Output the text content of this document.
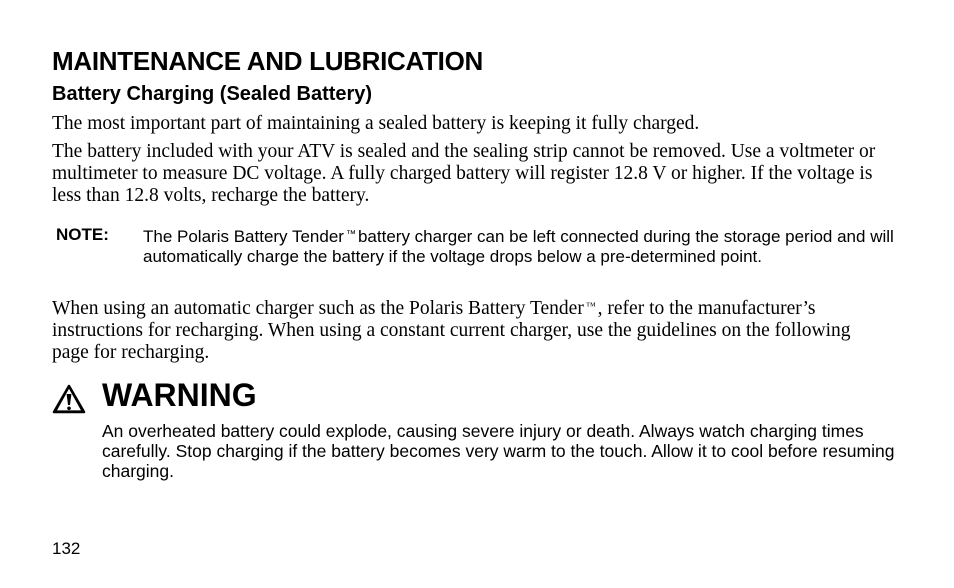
MAINTENANCE AND LUBRICATION
Battery Charging (Sealed Battery)
The most important part of maintaining a sealed battery is keeping it fully charged.
The battery included with your ATV is sealed and the sealing strip cannot be removed. Use a voltmeter or multimeter to measure DC voltage. A fully charged battery will register 12.8 V or higher. If the voltage is less than 12.8 volts, recharge the battery.
NOTE: The Polaris Battery Tender ™ battery charger can be left connected during the storage period and will automatically charge the battery if the voltage drops below a pre-determined point.
When using an automatic charger such as the Polaris Battery Tender ™ , refer to the manufacturer’s instructions for recharging. When using a constant current charger, use the guidelines on the following page for recharging.
WARNING
An overheated battery could explode, causing severe injury or death. Always watch charging times carefully. Stop charging if the battery becomes very warm to the touch. Allow it to cool before resuming charging.
132
